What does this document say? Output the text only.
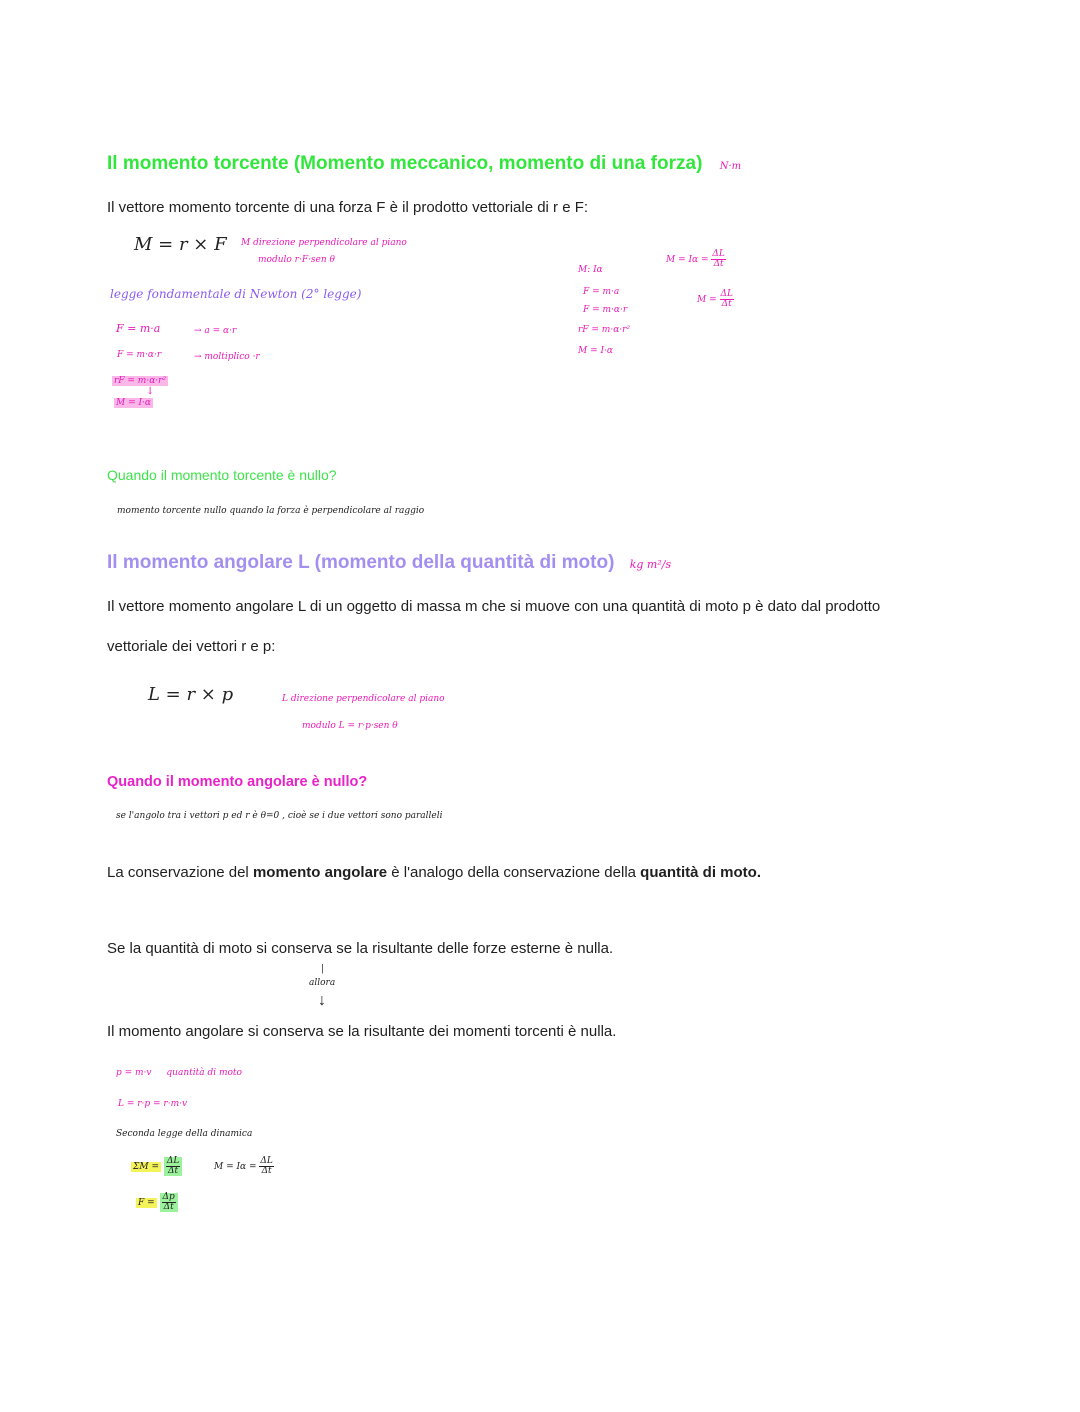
Il momento torcente (Momento meccanico, momento di una forza) N·m
Il vettore momento torcente di una forza F è il prodotto vettoriale di r e F:
M = r × F M direzione perpendicolare al piano
modulo r·F·sen θ
legge fondamentale di Newton (2° legge)
F = m·a	→ a = α·r
F = m·α·r	→ moltiplico ·r
rF = m·α·r²
↓
M = I·α
M: Iα
F = m·a
F = m·α·r
rF = m·α·r²
M = I·α
$M = I\alpha = \frac{\Delta L}{\Delta t}$
$M = \frac{\Delta L}{\Delta t}$
Quando il momento torcente è nullo?
momento torcente nullo quando la forza è perpendicolare al raggio
Il momento angolare L (momento della quantità di moto) kg m²/s
Il vettore momento angolare L di un oggetto di massa m che si muove con una quantità di moto p è dato dal prodotto
vettoriale dei vettori r e p:
L = r × p	L direzione perpendicolare al piano
modulo L = r·p·sen θ
Quando il momento angolare è nullo?
se l'angolo tra i vettori p ed r è θ=0 , cioè se i due vettori sono paralleli
La conservazione del momento angolare è l'analogo della conservazione della quantità di moto.
Se la quantità di moto si conserva se la risultante delle forze esterne è nulla.
|
allora
↓
Il momento angolare si conserva se la risultante dei momenti torcenti è nulla.
p = m·v quantità di moto
L = r·p = r·m·v
Seconda legge della dinamica
$\Sigma M = \frac{\Delta L}{\Delta t}$	$M = I\alpha = \frac{\Delta L}{\Delta t}$
$F = \frac{\Delta p}{\Delta t}$
